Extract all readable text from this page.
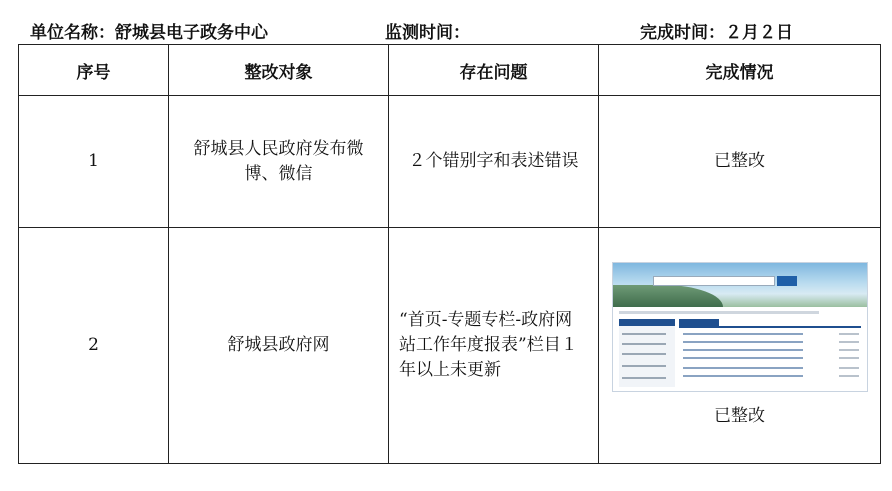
单位名称：舒城县电子政务中心	监测时间：	完成时间：２月２日
序号	整改对象	存在问题	完成情况
1	舒城县人民政府发布微博、微信	２个错别字和表述错误	已整改
2	舒城县政府网	“首页-专题专栏-政府网站工作年度报表”栏目１年以上未更新	已整改
